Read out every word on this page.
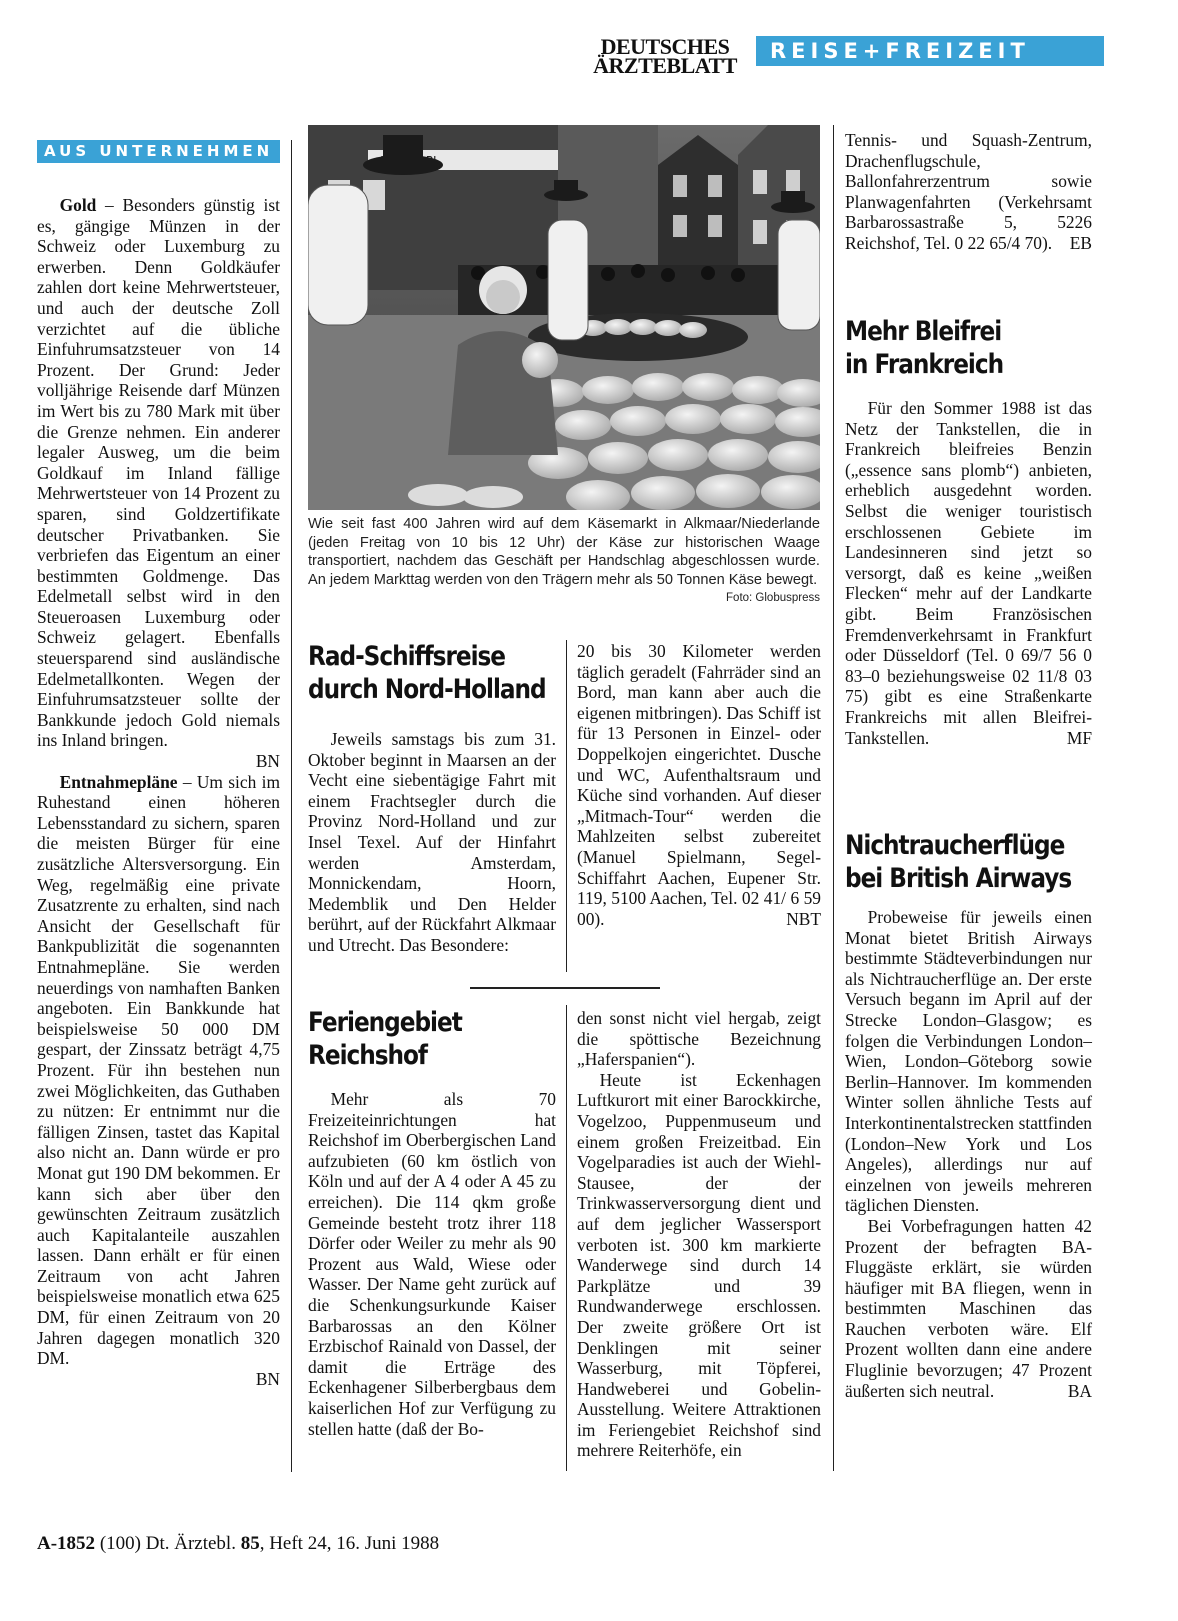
DEUTSCHES
ÄRZTEBLATT
REISE+FREIZEIT
AUS UNTERNEHMEN

Gold – Besonders günstig ist es, gängige Münzen in der Schweiz oder Luxemburg zu erwerben. Denn Goldkäufer zahlen dort keine Mehrwertsteuer, und auch der deutsche Zoll verzichtet auf die übliche Einfuhrumsatzsteuer von 14 Prozent. Der Grund: Jeder volljährige Reisende darf Münzen im Wert bis zu 780 Mark mit über die Grenze nehmen. Ein anderer legaler Ausweg, um die beim Goldkauf im Inland fällige Mehrwertsteuer von 14 Prozent zu sparen, sind Goldzertifikate deutscher Privatbanken. Sie verbriefen das Eigentum an einer bestimmten Goldmenge. Das Edelmetall selbst wird in den Steueroasen Luxemburg oder Schweiz gelagert. Ebenfalls steuersparend sind ausländische Edelmetallkonten. Wegen der Einfuhrumsatzsteuer sollte der Bankkunde jedoch Gold niemals ins Inland bringen.

BN

Entnahmepläne – Um sich im Ruhestand einen höheren Lebensstandard zu sichern, sparen die meisten Bürger für eine zusätzliche Altersversorgung. Ein Weg, regelmäßig eine private Zusatzrente zu erhalten, sind nach Ansicht der Gesellschaft für Bankpublizität die sogenannten Entnahmepläne. Sie werden neuerdings von namhaften Banken angeboten. Ein Bankkunde hat beispielsweise 50 000 DM gespart, der Zinssatz beträgt 4,75 Prozent. Für ihn bestehen nun zwei Möglichkeiten, das Guthaben zu nützen: Er entnimmt nur die fälligen Zinsen, tastet das Kapital also nicht an. Dann würde er pro Monat gut 190 DM bekommen. Er kann sich aber über den gewünschten Zeitraum zusätzlich auch Kapitalanteile auszahlen lassen. Dann erhält er für einen Zeitraum von acht Jahren beispielsweise monatlich etwa 625 DM, für einen Zeitraum von 20 Jahren dagegen monatlich 320 DM.

BN

Wie seit fast 400 Jahren wird auf dem Käsemarkt in Alkmaar/Niederlande (jeden Freitag von 10 bis 12 Uhr) der Käse zur historischen Waage transportiert, nachdem das Geschäft per Handschlag abgeschlossen wurde. An jedem Markttag werden von den Trägern mehr als 50 Tonnen Käse bewegt.
Foto: Globuspress

Rad-Schiffsreise

durch Nord-Holland

Jeweils samstags bis zum 31. Oktober beginnt in Maarsen an der Vecht eine siebentägige Fahrt mit einem Frachtsegler durch die Provinz Nord-Holland und zur Insel Texel. Auf der Hinfahrt werden Amsterdam, Monnickendam, Hoorn, Medemblik und Den Helder berührt, auf der Rückfahrt Alkmaar und Utrecht. Das Besondere:

20 bis 30 Kilometer werden täglich geradelt (Fahrräder sind an Bord, man kann aber auch die eigenen mitbringen). Das Schiff ist für 13 Personen in Einzel- oder Doppelkojen eingerichtet. Dusche und WC, Aufenthaltsraum und Küche sind vorhanden. Auf dieser „Mitmach-Tour“ werden die Mahlzeiten selbst zubereitet (Manuel Spielmann, Segel-Schiffahrt Aachen, Eupener Str. 119, 5100 Aachen, Tel. 02 41/ 6 59 00).	NBT

Feriengebiet

Reichshof

Mehr als 70 Freizeiteinrichtungen hat Reichshof im Oberbergischen Land aufzubieten (60 km östlich von Köln und auf der A 4 oder A 45 zu erreichen). Die 114 qkm große Gemeinde besteht trotz ihrer 118 Dörfer oder Weiler zu mehr als 90 Prozent aus Wald, Wiese oder Wasser. Der Name geht zurück auf die Schenkungsurkunde Kaiser Barbarossas an den Kölner Erzbischof Rainald von Dassel, der damit die Erträge des Eckenhagener Silberbergbaus dem kaiserlichen Hof zur Verfügung zu stellen hatte (daß der Bo-

den sonst nicht viel hergab, zeigt die spöttische Bezeichnung „Haferspanien“).

Heute ist Eckenhagen Luftkurort mit einer Barockkirche, Vogelzoo, Puppenmuseum und einem großen Freizeitbad. Ein Vogelparadies ist auch der Wiehl-Stausee, der der Trinkwasserversorgung dient und auf dem jeglicher Wassersport verboten ist. 300 km markierte Wanderwege sind durch 14 Parkplätze und 39 Rundwanderwege erschlossen. Der zweite größere Ort ist Denklingen mit seiner Wasserburg, mit Töpferei, Handweberei und Gobelin-Ausstellung. Weitere Attraktionen im Feriengebiet Reichshof sind mehrere Reiterhöfe, ein

Tennis- und Squash-Zentrum, Drachenflugschule, Ballonfahrerzentrum sowie Planwagenfahrten (Verkehrsamt Barbarossastraße 5, 5226 Reichshof, Tel. 0 22 65/4 70). EB

Mehr Bleifrei

in Frankreich

Für den Sommer 1988 ist das Netz der Tankstellen, die in Frankreich bleifreies Benzin („essence sans plomb“) anbieten, erheblich ausgedehnt worden. Selbst die weniger touristisch erschlossenen Gebiete im Landesinneren sind jetzt so versorgt, daß es keine „weißen Flecken“ mehr auf der Landkarte gibt. Beim Französischen Fremdenverkehrsamt in Frankfurt oder Düsseldorf (Tel. 0 69/7 56 0 83–0 beziehungsweise 02 11/8 03 75) gibt es eine Straßenkarte Frankreichs mit allen Bleifrei-Tankstellen.	MF

Nichtraucherflüge

bei British Airways

Probeweise für jeweils einen Monat bietet British Airways bestimmte Städteverbindungen nur als Nichtraucherflüge an. Der erste Versuch begann im April auf der Strecke London–Glasgow; es folgen die Verbindungen London–Wien, London–Göteborg sowie Berlin–Hannover. Im kommenden Winter sollen ähnliche Tests auf Interkontinentalstrecken stattfinden (London–New York und Los Angeles), allerdings nur auf einzelnen von jeweils mehreren täglichen Diensten.

Bei Vorbefragungen hatten 42 Prozent der befragten BA-Fluggäste erklärt, sie würden häufiger mit BA fliegen, wenn in bestimmten Maschinen das Rauchen verboten wäre. Elf Prozent wollten dann eine andere Fluglinie bevorzugen; 47 Prozent äußerten sich neutral.	BA

A-1852 (100) Dt. Ärztebl. 85, Heft 24, 16. Juni 1988
